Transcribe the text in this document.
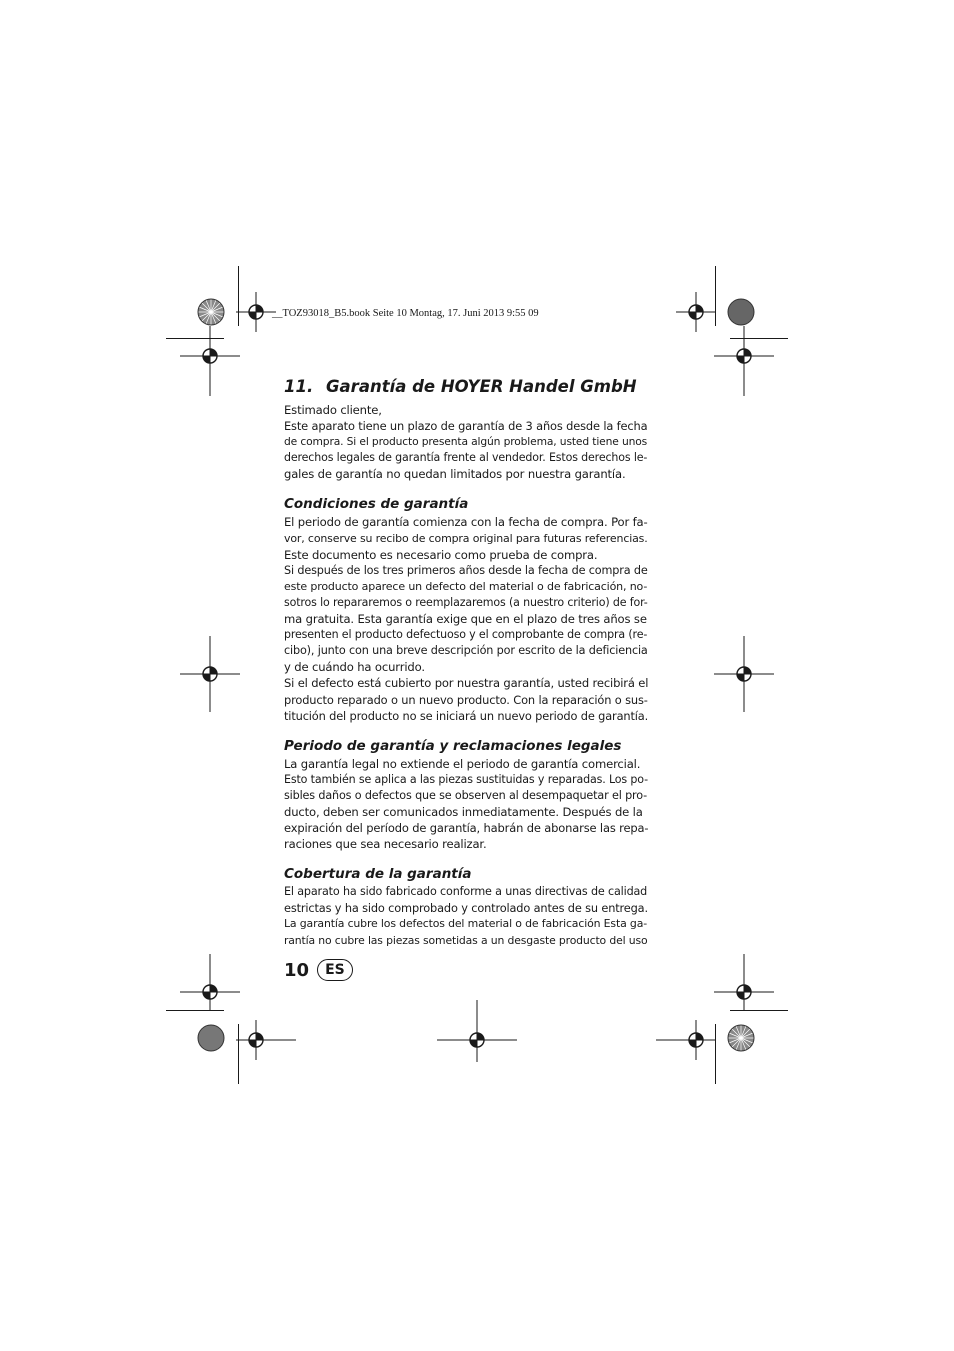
__TOZ93018_B5.book Seite 10 Montag, 17. Juni 2013 9:55 09
11. Garantía de HOYER Handel GmbH
Estimado cliente,
Este aparato tiene un plazo de garantía de 3 años desde la fecha
de compra. Si el producto presenta algún problema, usted tiene unos
derechos legales de garantía frente al vendedor. Estos derechos le-
gales de garantía no quedan limitados por nuestra garantía.
Condiciones de garantía
El periodo de garantía comienza con la fecha de compra. Por fa-
vor, conserve su recibo de compra original para futuras referencias.
Este documento es necesario como prueba de compra.
Si después de los tres primeros años desde la fecha de compra de
este producto aparece un defecto del material o de fabricación, no-
sotros lo repararemos o reemplazaremos (a nuestro criterio) de for-
ma gratuita. Esta garantía exige que en el plazo de tres años se
presenten el producto defectuoso y el comprobante de compra (re-
cibo), junto con una breve descripción por escrito de la deficiencia
y de cuándo ha ocurrido.
Si el defecto está cubierto por nuestra garantía, usted recibirá el
producto reparado o un nuevo producto. Con la reparación o sus-
titución del producto no se iniciará un nuevo periodo de garantía.
Periodo de garantía y reclamaciones legales
La garantía legal no extiende el periodo de garantía comercial.
Esto también se aplica a las piezas sustituidas y reparadas. Los po-
sibles daños o defectos que se observen al desempaquetar el pro-
ducto, deben ser comunicados inmediatamente. Después de la
expiración del período de garantía, habrán de abonarse las repa-
raciones que sea necesario realizar.
Cobertura de la garantía
El aparato ha sido fabricado conforme a unas directivas de calidad
estrictas y ha sido comprobado y controlado antes de su entrega.
La garantía cubre los defectos del material o de fabricación Esta ga-
rantía no cubre las piezas sometidas a un desgaste producto del uso
10	ES
